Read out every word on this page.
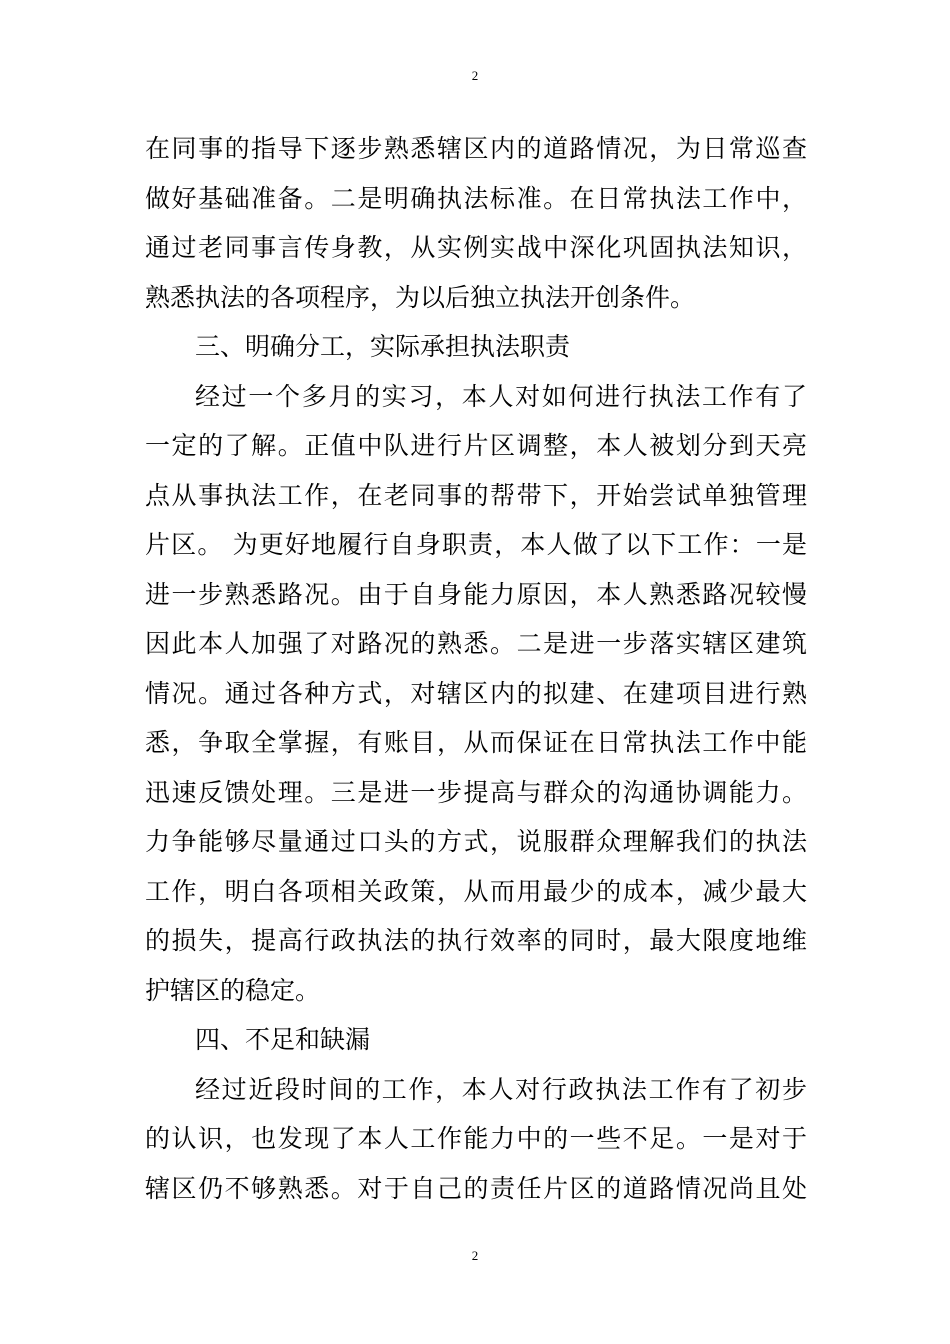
2
在同事的指导下逐步熟悉辖区内的道路情况，为日常巡查
做好基础准备。二是明确执法标准。在日常执法工作中，
通过老同事言传身教，从实例实战中深化巩固执法知识，
熟悉执法的各项程序，为以后独立执法开创条件。
三、明确分工，实际承担执法职责
经过一个多月的实习，本人对如何进行执法工作有了
一定的了解。正值中队进行片区调整，本人被划分到天亮
点从事执法工作，在老同事的帮带下，开始尝试单独管理
片区。 为更好地履行自身职责，本人做了以下工作：一是
进一步熟悉路况。由于自身能力原因，本人熟悉路况较慢
因此本人加强了对路况的熟悉。二是进一步落实辖区建筑
情况。通过各种方式，对辖区内的拟建、在建项目进行熟
悉，争取全掌握，有账目，从而保证在日常执法工作中能
迅速反馈处理。三是进一步提高与群众的沟通协调能力。
力争能够尽量通过口头的方式，说服群众理解我们的执法
工作，明白各项相关政策，从而用最少的成本，减少最大
的损失，提高行政执法的执行效率的同时，最大限度地维
护辖区的稳定。
四、不足和缺漏
经过近段时间的工作，本人对行政执法工作有了初步
的认识，也发现了本人工作能力中的一些不足。一是对于
辖区仍不够熟悉。对于自己的责任片区的道路情况尚且处
2
